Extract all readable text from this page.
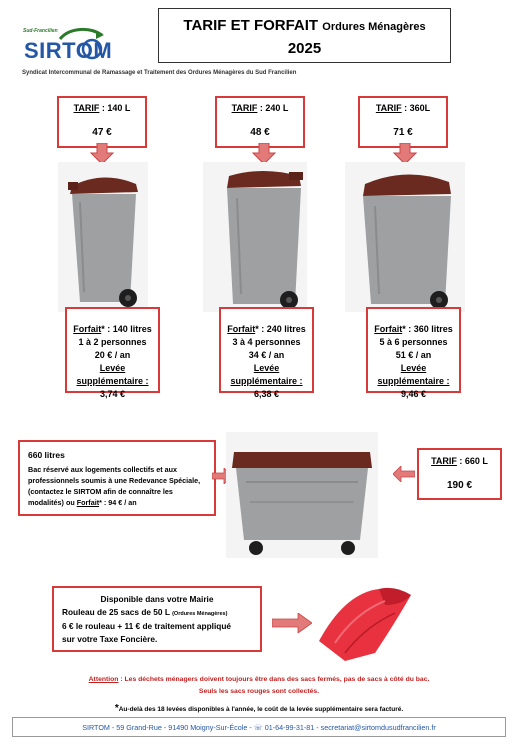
Sud-Francilien
SIRTOM
Syndicat Intercommunal de Ramassage et Traitement des Ordures Ménagères du Sud Francilien
TARIF ET FORFAIT Ordures Ménagères
2025
TARIF : 140 L
47 €
TARIF : 240 L
48 €
TARIF : 360L
71 €
Forfait* : 140 litres
1 à 2 personnes
20 € / an
Levée
supplémentaire :
3,74 €
Forfait* : 240 litres
3 à 4 personnes
34 € / an
Levée
supplémentaire :
6,38 €
Forfait* : 360 litres
5 à 6 personnes
51 € / an
Levée
supplémentaire :
9,46 €
660 litres
Bac réservé aux logements collectifs et aux professionnels soumis à une Redevance Spéciale, (contactez le SIRTOM afin de connaître les modalités) ou Forfait* : 94 € / an
TARIF : 660 L
190 €
Disponible dans votre Mairie
Rouleau de 25 sacs de 50 L (Ordures Ménagères)
6 € le rouleau + 11 € de traitement appliqué
sur votre Taxe Foncière.
Attention : Les déchets ménagers doivent toujours être dans des sacs fermés, pas de sacs à côté du bac.
Seuls les sacs rouges sont collectés.
*Au-delà des 18 levées disponibles à l'année, le coût de la levée supplémentaire sera facturé.
SIRTOM - 59 Grand-Rue - 91490 Moigny-Sur-École - ☏ 01-64-99-31-81 - secretariat@sirtomdusudfrancilien.fr
